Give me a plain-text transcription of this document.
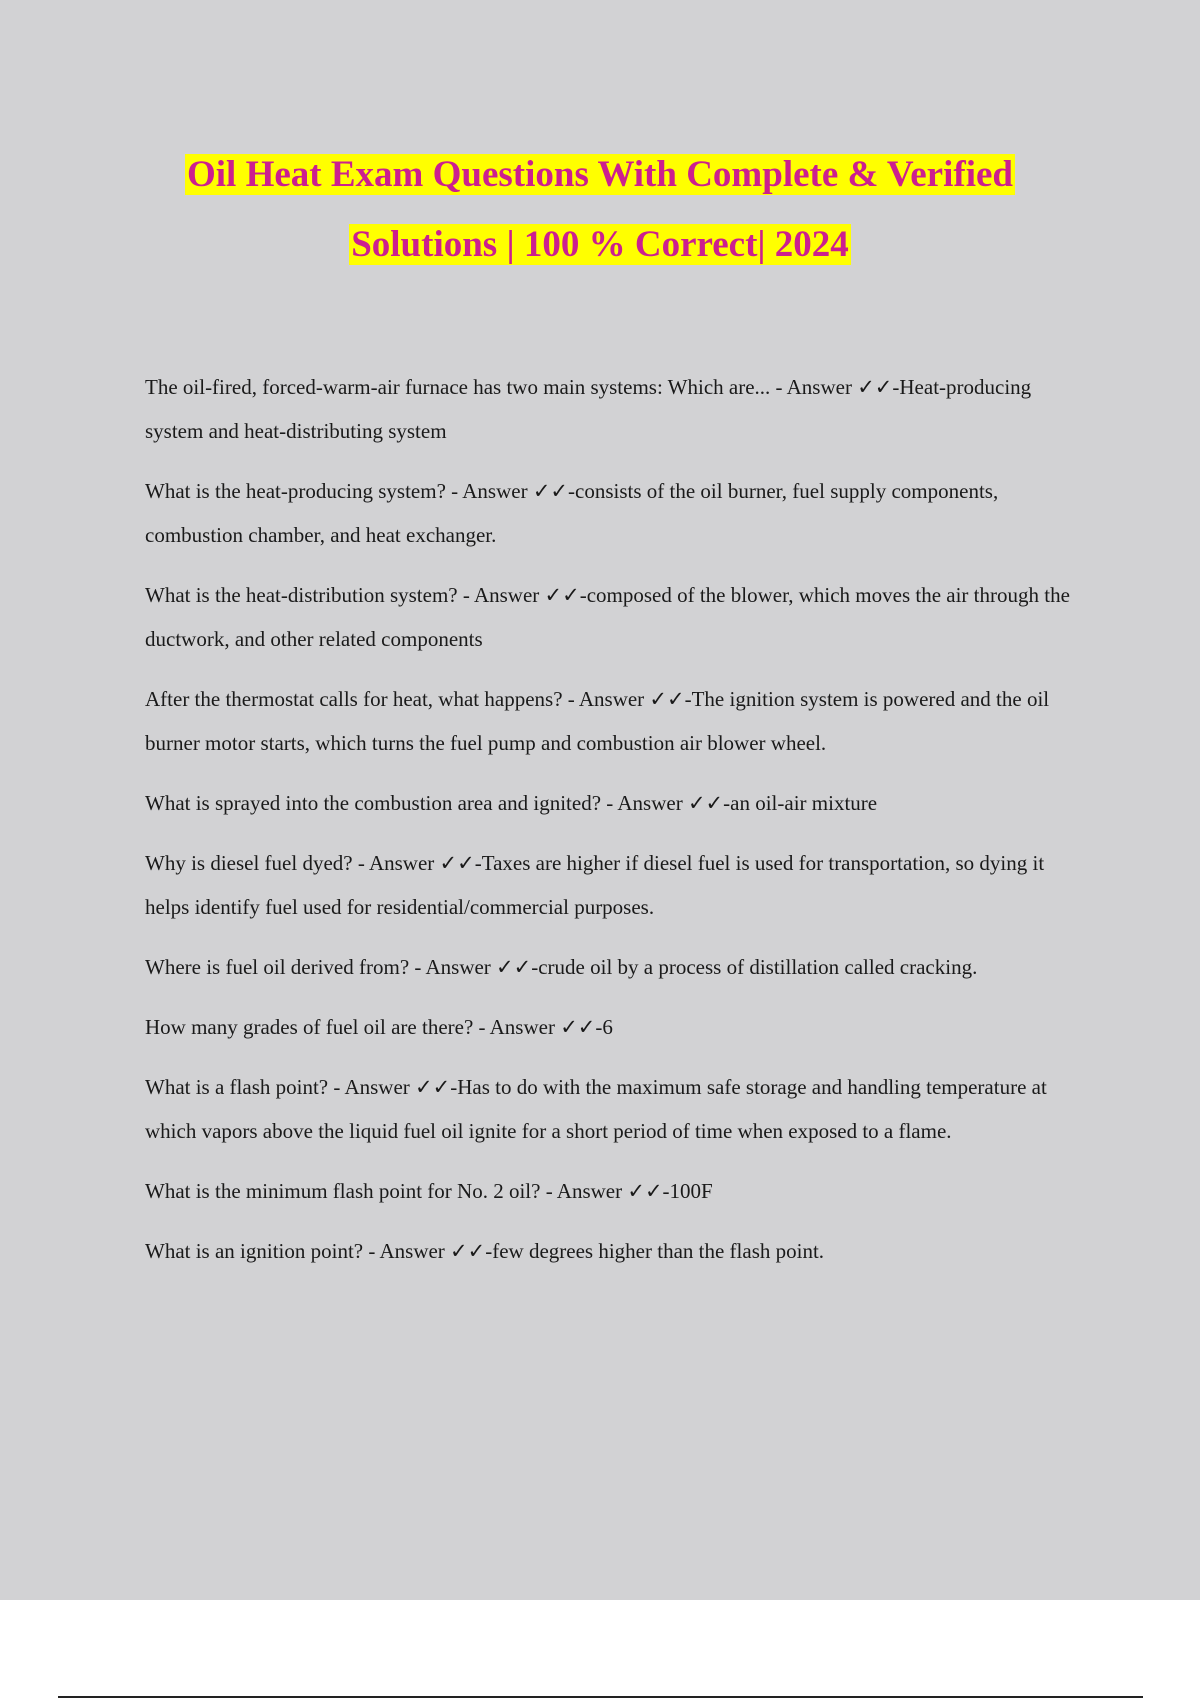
Oil Heat Exam Questions With Complete & Verified
Solutions | 100 % Correct| 2024
The oil-fired, forced-warm-air furnace has two main systems: Which are... - Answer ✓✓-Heat-producing system and heat-distributing system
What is the heat-producing system? - Answer ✓✓-consists of the oil burner, fuel supply components, combustion chamber, and heat exchanger.
What is the heat-distribution system? - Answer ✓✓-composed of the blower, which moves the air through the ductwork, and other related components
After the thermostat calls for heat, what happens? - Answer ✓✓-The ignition system is powered and the oil burner motor starts, which turns the fuel pump and combustion air blower wheel.
What is sprayed into the combustion area and ignited? - Answer ✓✓-an oil-air mixture
Why is diesel fuel dyed? - Answer ✓✓-Taxes are higher if diesel fuel is used for transportation, so dying it helps identify fuel used for residential/commercial purposes.
Where is fuel oil derived from? - Answer ✓✓-crude oil by a process of distillation called cracking.
How many grades of fuel oil are there? - Answer ✓✓-6
What is a flash point? - Answer ✓✓-Has to do with the maximum safe storage and handling temperature at which vapors above the liquid fuel oil ignite for a short period of time when exposed to a flame.
What is the minimum flash point for No. 2 oil? - Answer ✓✓-100F
What is an ignition point? - Answer ✓✓-few degrees higher than the flash point.
